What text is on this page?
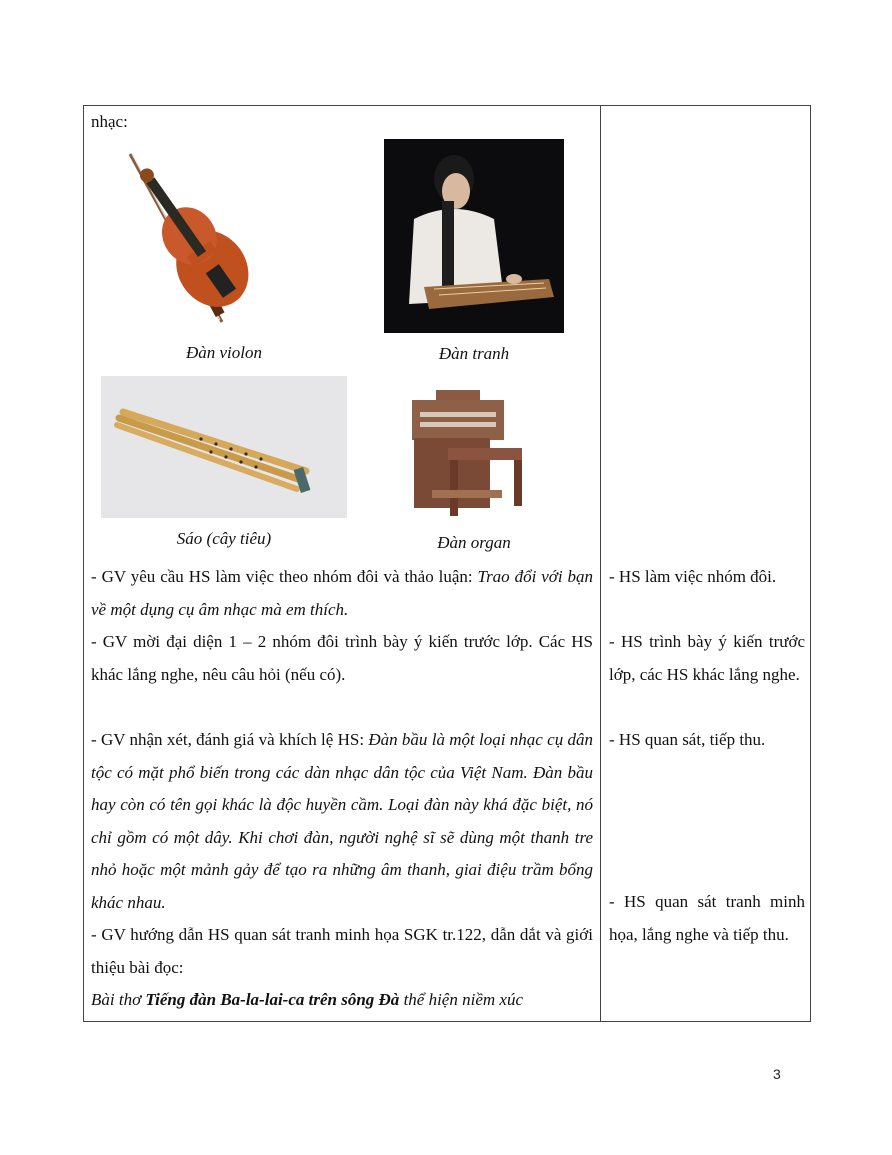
nhạc:
Đàn violon	Đàn tranh
Sáo (cây tiêu)	Đàn organ
- GV yêu cầu HS làm việc theo nhóm đôi và thảo luận: Trao đổi với bạn về một dụng cụ âm nhạc mà em thích.
- GV mời đại diện 1 – 2 nhóm đôi trình bày ý kiến trước lớp. Các HS khác lắng nghe, nêu câu hỏi (nếu có).
- GV nhận xét, đánh giá và khích lệ HS: Đàn bầu là một loại nhạc cụ dân tộc có mặt phổ biến trong các dàn nhạc dân tộc của Việt Nam. Đàn bầu hay còn có tên gọi khác là độc huyền cầm. Loại đàn này khá đặc biệt, nó chỉ gồm có một dây. Khi chơi đàn, người nghệ sĩ sẽ dùng một thanh tre nhỏ hoặc một mảnh gảy để tạo ra những âm thanh, giai điệu trầm bổng khác nhau.
- GV hướng dẫn HS quan sát tranh minh họa SGK tr.122, dẫn dắt và giới thiệu bài đọc:
Bài thơ Tiếng đàn Ba-la-lai-ca trên sông Đà thể hiện niềm xúc
- HS làm việc nhóm đôi.
- HS trình bày ý kiến trước lớp, các HS khác lắng nghe.
- HS quan sát, tiếp thu.
- HS quan sát tranh minh họa, lắng nghe và tiếp thu.
3
